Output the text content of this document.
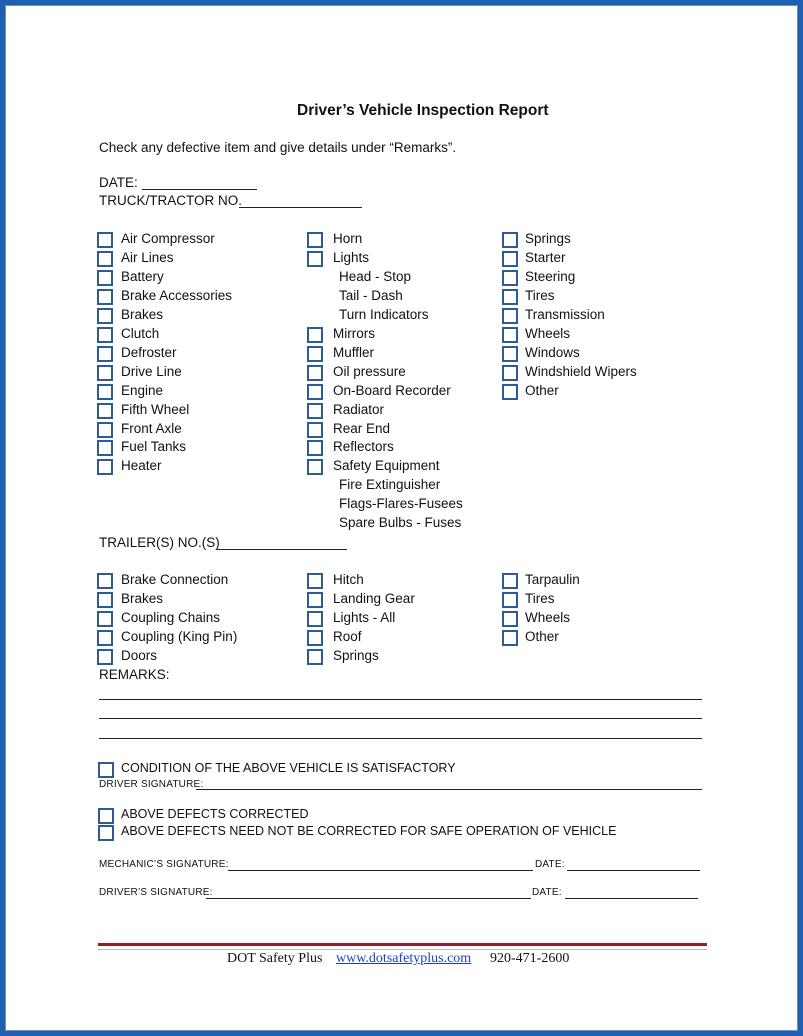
Driver’s Vehicle Inspection Report
Check any defective item and give details under “Remarks”.
DATE:
TRUCK/TRACTOR NO.
Air Compressor
Air Lines
Battery
Brake Accessories
Brakes
Clutch
Defroster
Drive Line
Engine
Fifth Wheel
Front Axle
Fuel Tanks
Heater
Horn
Lights
Head - Stop
Tail - Dash
Turn Indicators
Mirrors
Muffler
Oil pressure
On-Board Recorder
Radiator
Rear End
Reflectors
Safety Equipment
Fire Extinguisher
Flags-Flares-Fusees
Spare Bulbs - Fuses
Springs
Starter
Steering
Tires
Transmission
Wheels
Windows
Windshield Wipers
Other
TRAILER(S) NO.(S)
Brake Connection
Brakes
Coupling Chains
Coupling (King Pin)
Doors
Hitch
Landing Gear
Lights - All
Roof
Springs
Tarpaulin
Tires
Wheels
Other
REMARKS:
CONDITION OF THE ABOVE VEHICLE IS SATISFACTORY
DRIVER SIGNATURE:
ABOVE DEFECTS CORRECTED
ABOVE DEFECTS NEED NOT BE CORRECTED FOR SAFE OPERATION OF VEHICLE
MECHANIC’S SIGNATURE:	DATE:
DRIVER’S SIGNATURE:	DATE:
DOT Safety Plus www.dotsafetyplus.com 920-471-2600
